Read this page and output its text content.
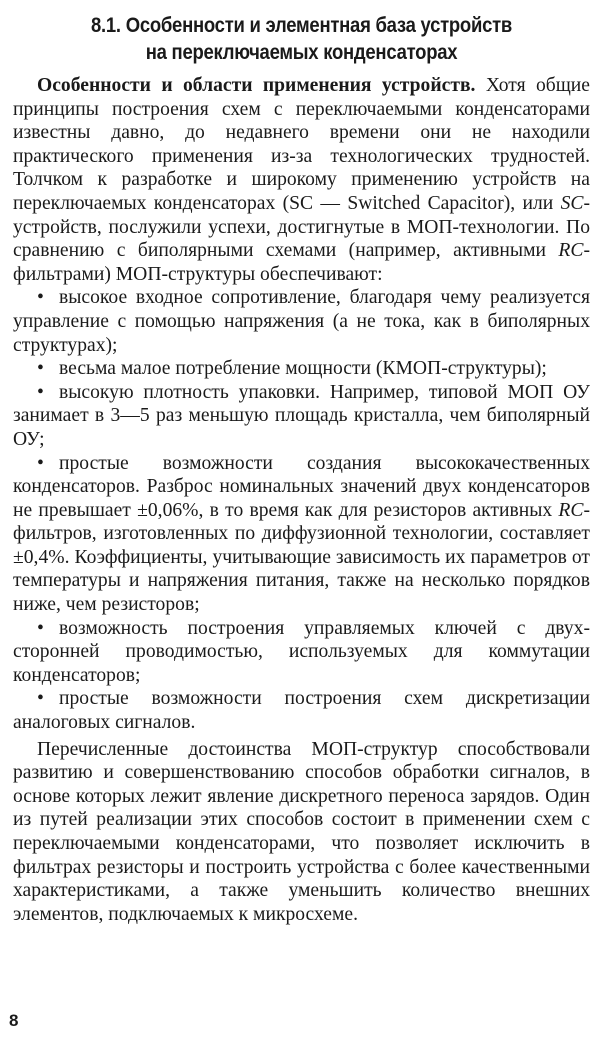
8.1. Особенности и элементная база устройств
на переключаемых конденсаторах

Особенности и области применения устройств. Хотя общие принципы построения схем с переключаемыми конденсаторами известны давно, до недавнего времени они не находили практического применения из-за технологических трудностей. Толчком к разработке и широкому применению устройств на переключаемых конденсаторах (SC — Switched Capacitor), или SC-устройств, послужили успехи, достигнутые в МОП-технологии. По сравнению с биполярными схемами (например, активными RC-фильтрами) МОП-структуры обеспечивают:

• высокое входное сопротивление, благодаря чему реализуется управление с помощью напряжения (а не тока, как в биполярных структурах);

• весьма малое потребление мощности (КМОП-структуры);

• высокую плотность упаковки. Например, типовой МОП ОУ занимает в 3—5 раз меньшую площадь кристалла, чем биполярный ОУ;

• простые возможности создания высококачественных конденсаторов. Разброс номинальных значений двух конденсаторов не превышает ±0,06%, в то время как для резисторов активных RC-фильтров, изготовленных по диффузионной технологии, составляет ±0,4%. Коэффициенты, учитывающие зависимость их параметров от температуры и напряжения питания, также на несколько порядков ниже, чем резисторов;

• возможность построения управляемых ключей с двухсторонней проводимостью, используемых для коммутации конденсаторов;

• простые возможности построения схем дискретизации аналоговых сигналов.

Перечисленные достоинства МОП-структур способствовали развитию и совершенствованию способов обработки сигналов, в основе которых лежит явление дискретного переноса зарядов. Один из путей реализации этих способов состоит в применении схем с переключаемыми конденсаторами, что позволяет исключить в фильтрах резисторы и построить устройства с более качественными характеристиками, а также уменьшить количество внешних элементов, подключаемых к микросхеме.

8
